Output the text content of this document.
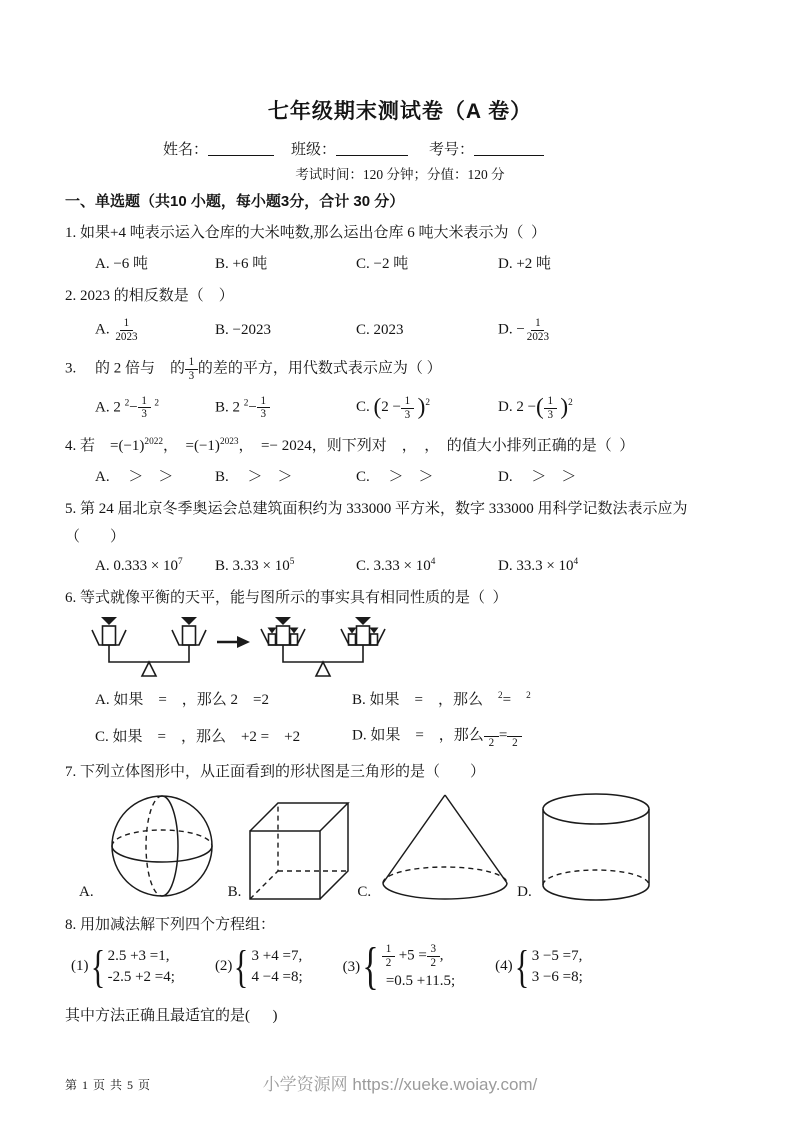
七年级期末测试卷（A 卷）
姓名：	班级：	考号：
考试时间：120 分钟；分值：120 分
一、单选题（共10 小题，每小题3分，合计 30 分）
1. 如果+4 吨表示运入仓库的大米吨数,那么运出仓库 6 吨大米表示为（  ）
A. −6 吨	B. +6 吨	C. −2 吨	D. +2 吨
2. 2023 的相反数是（　）
A. $\frac{1}{2023}$	B. −2023	C. 2023	D. − $\frac{1}{2023}$
3. 　的 2 倍与　的 $\frac{1}{3}$ 的差的平方，用代数式表示应为（ ）
A. 2 $^2- \frac{1}{3} ^2$	B. 2 $^2- \frac{1}{3}$	C. $(2 - \frac{1}{3} )^2$	D. 2 −( $\frac{1}{3} )^2$
4. 若　$=(-1)^{2022}$，　$=(-1)^{2023}$，　=− 2024，则下列对　，　，　的值大小排列正确的是（  ）
A. 　＞　＞	B. 　＞　＞	C. 　＞　＞	D. 　＞　＞
5. 第 24 届北京冬季奥运会总建筑面积约为 333000 平方米，数字 333000 用科学记数法表示应为
（　　）
A. $0.333 \times 10^7$	B. $3.33 \times 10^5$	C. $3.33 \times 10^4$	D. $33.3 \times 10^4$
6. 等式就像平衡的天平，能与图所示的事实具有相同性质的是（  ）
A. 如果　=　，那么 2　=2	B. 如果　=　，那么　$^2$=　$^2$
C. 如果　=　，那么　+2 =　+2	D. 如果　=　，那么
　 2 =
　 2
7. 下列立体图形中，从正面看到的形状图是三角形的是（　　）
A.	B.	C.	D.
8. 用加减法解下列四个方程组：
(1) { 2.5 +3 =1,
-2.5 +2 =4;
(2) { 3 +4 =7,
4 −4 =8;
(3) { $\frac{1}{2} +5 = \frac{3}{2}$ ,
=0.5 +11.5;
(4) { 3 −5 =7,
3 −6 =8;
其中方法正确且最适宜的是(      )
第 1 页 共 5 页	小学资源网 https://xueke.woiay.com/
